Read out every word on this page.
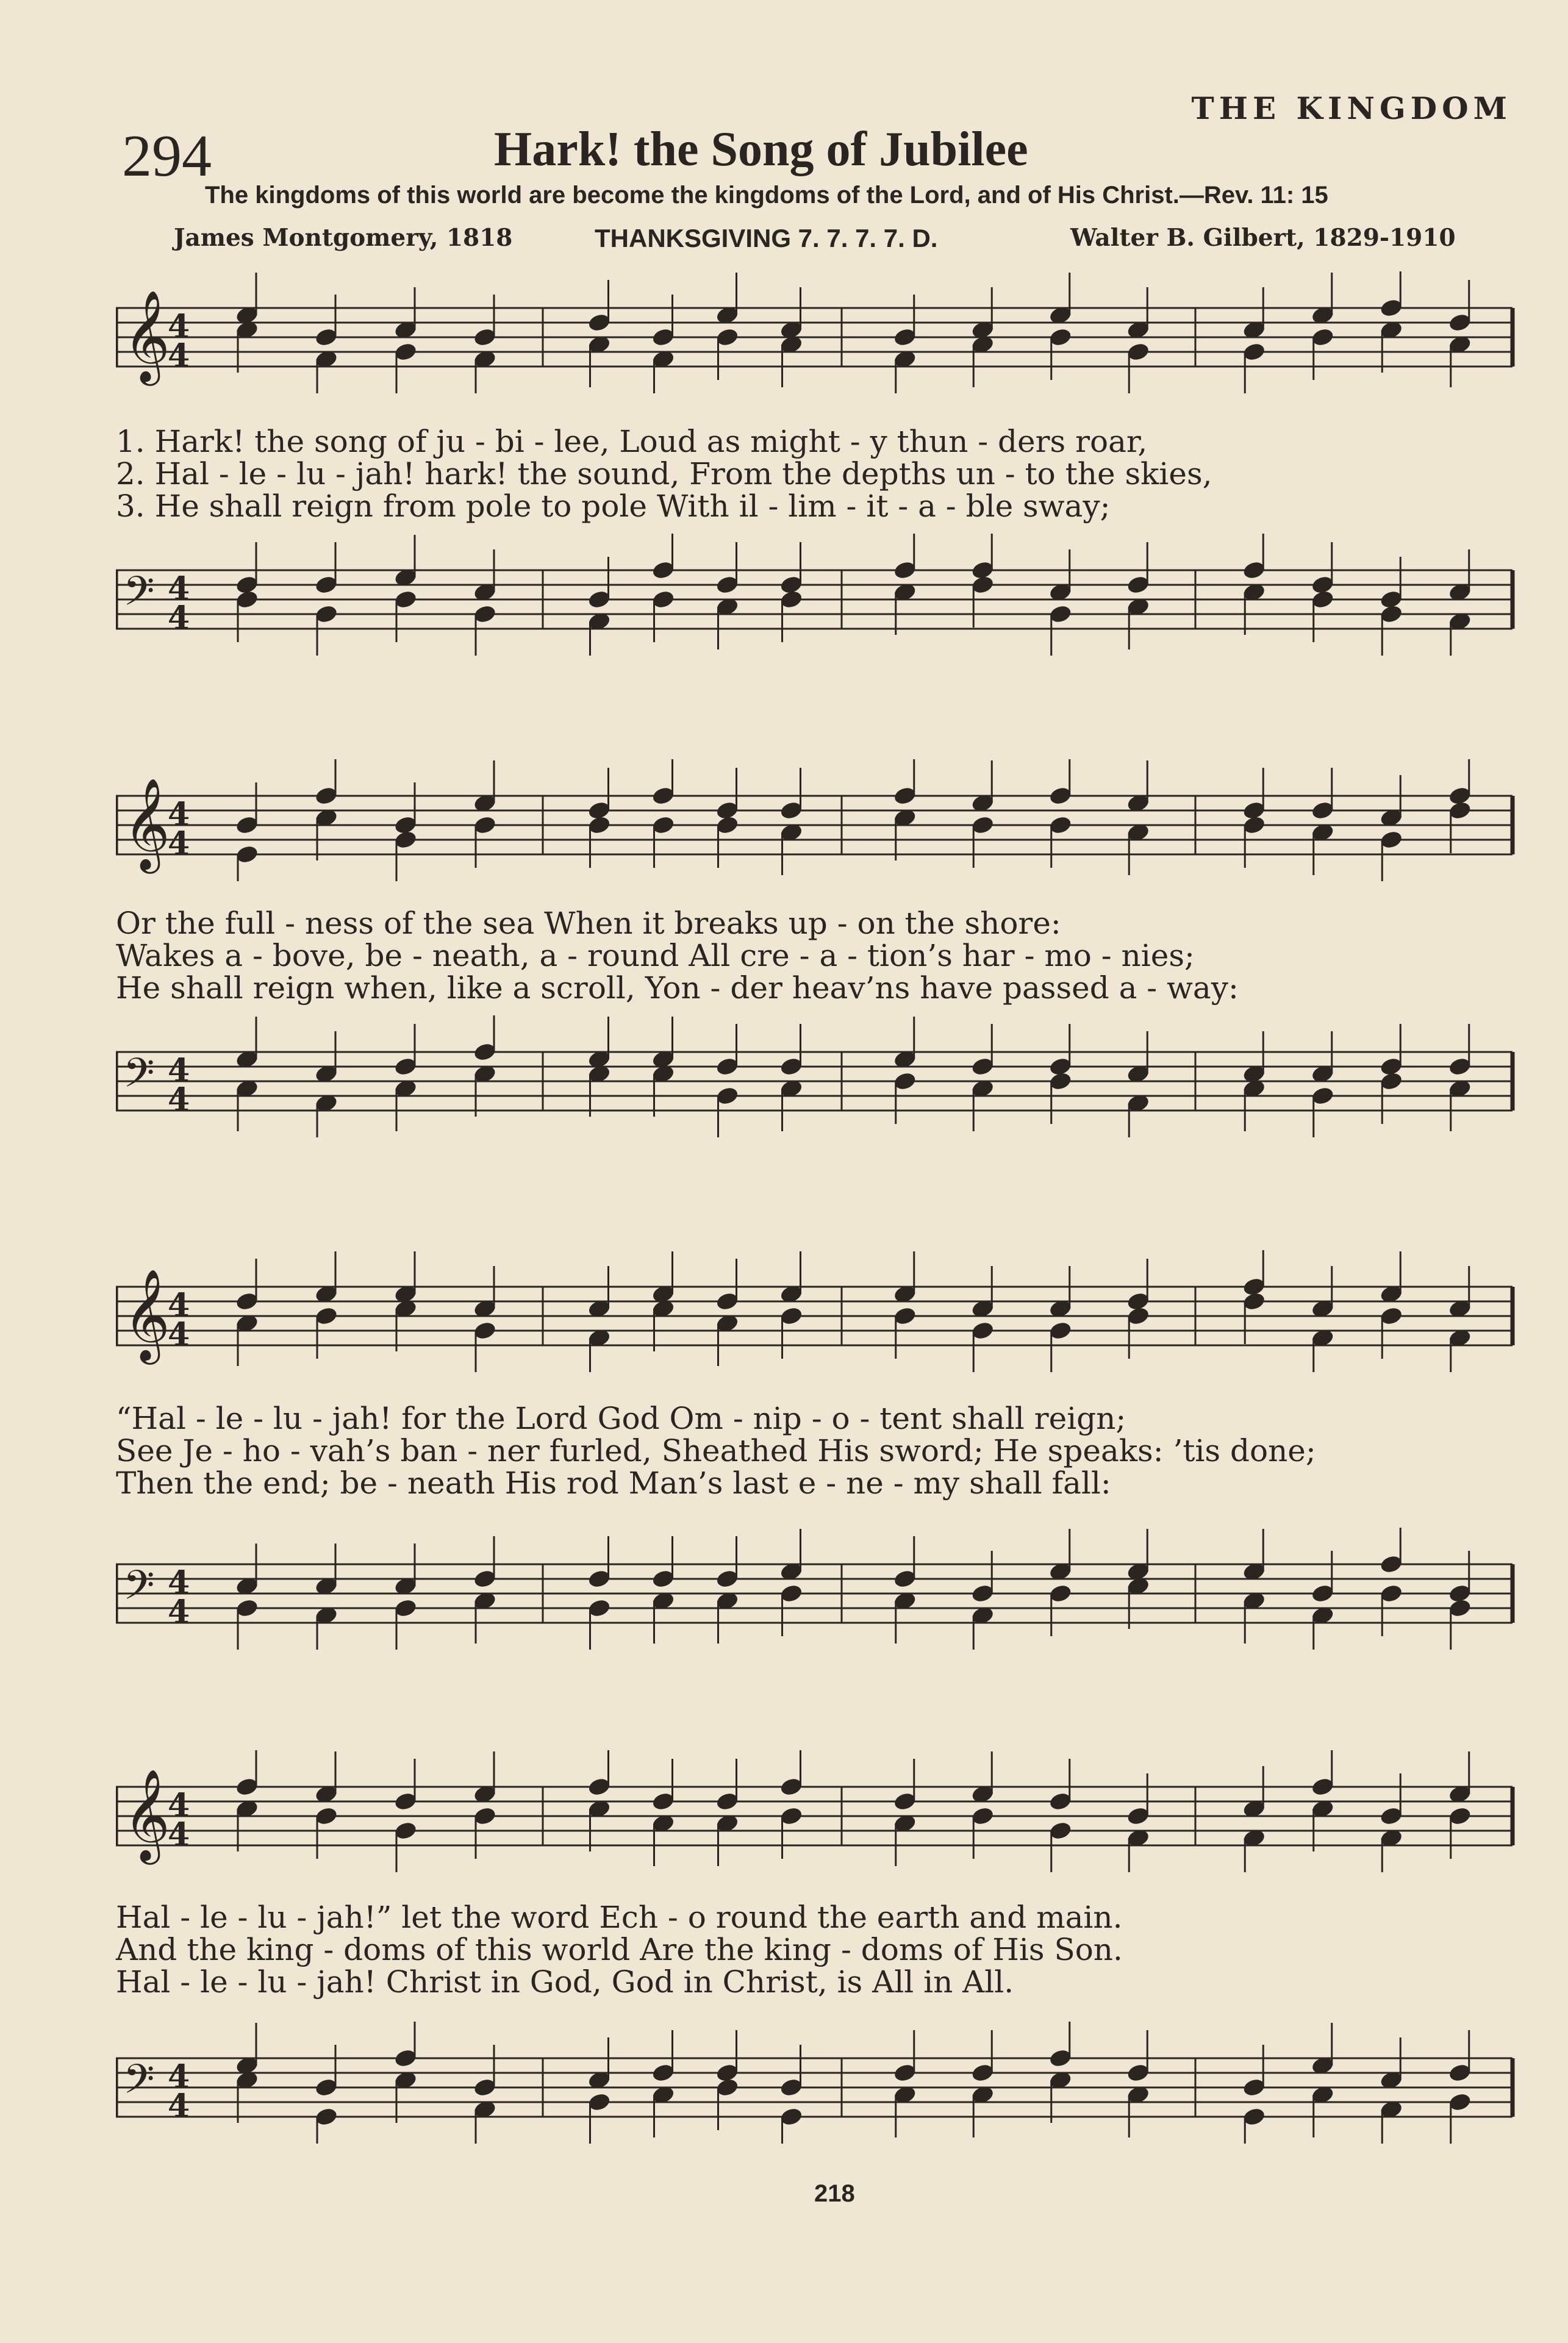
THE KINGDOM
294	Hark! the Song of Jubilee
The kingdoms of this world are become the kingdoms of the Lord, and of His Christ.—Rev. 11: 15
James Montgomery, 1818	THANKSGIVING 7. 7. 7. 7. D.	Walter B. Gilbert, 1829-1910
𝄞
4
4
1. Hark! the song of ju - bi - lee, Loud as might - y thun - ders roar,
2. Hal - le - lu - jah! hark! the sound, From the depths un - to the skies,
3. He shall reign from pole to pole With il - lim - it - a - ble sway;
𝄢 4
4
𝄞
4
4
Or the full - ness of the sea When it breaks up - on the shore:
Wakes a - bove, be - neath, a - round All cre - a - tion’s har - mo - nies;
He shall reign when, like a scroll, Yon - der heav’ns have passed a - way:
𝄢 4
4
𝄞
4
4
“Hal - le - lu - jah! for the Lord God Om - nip - o - tent shall reign;
See Je - ho - vah’s ban - ner furled, Sheathed His sword; He speaks: ’tis done;
Then the end; be - neath His rod Man’s last e - ne - my shall fall:
𝄢 4
4
𝄞
4
4
Hal - le - lu - jah!” let the word Ech - o round the earth and main.
And the king - doms of this world Are the king - doms of His Son.
Hal - le - lu - jah! Christ in God, God in Christ, is All in All.
𝄢 4
4
218
